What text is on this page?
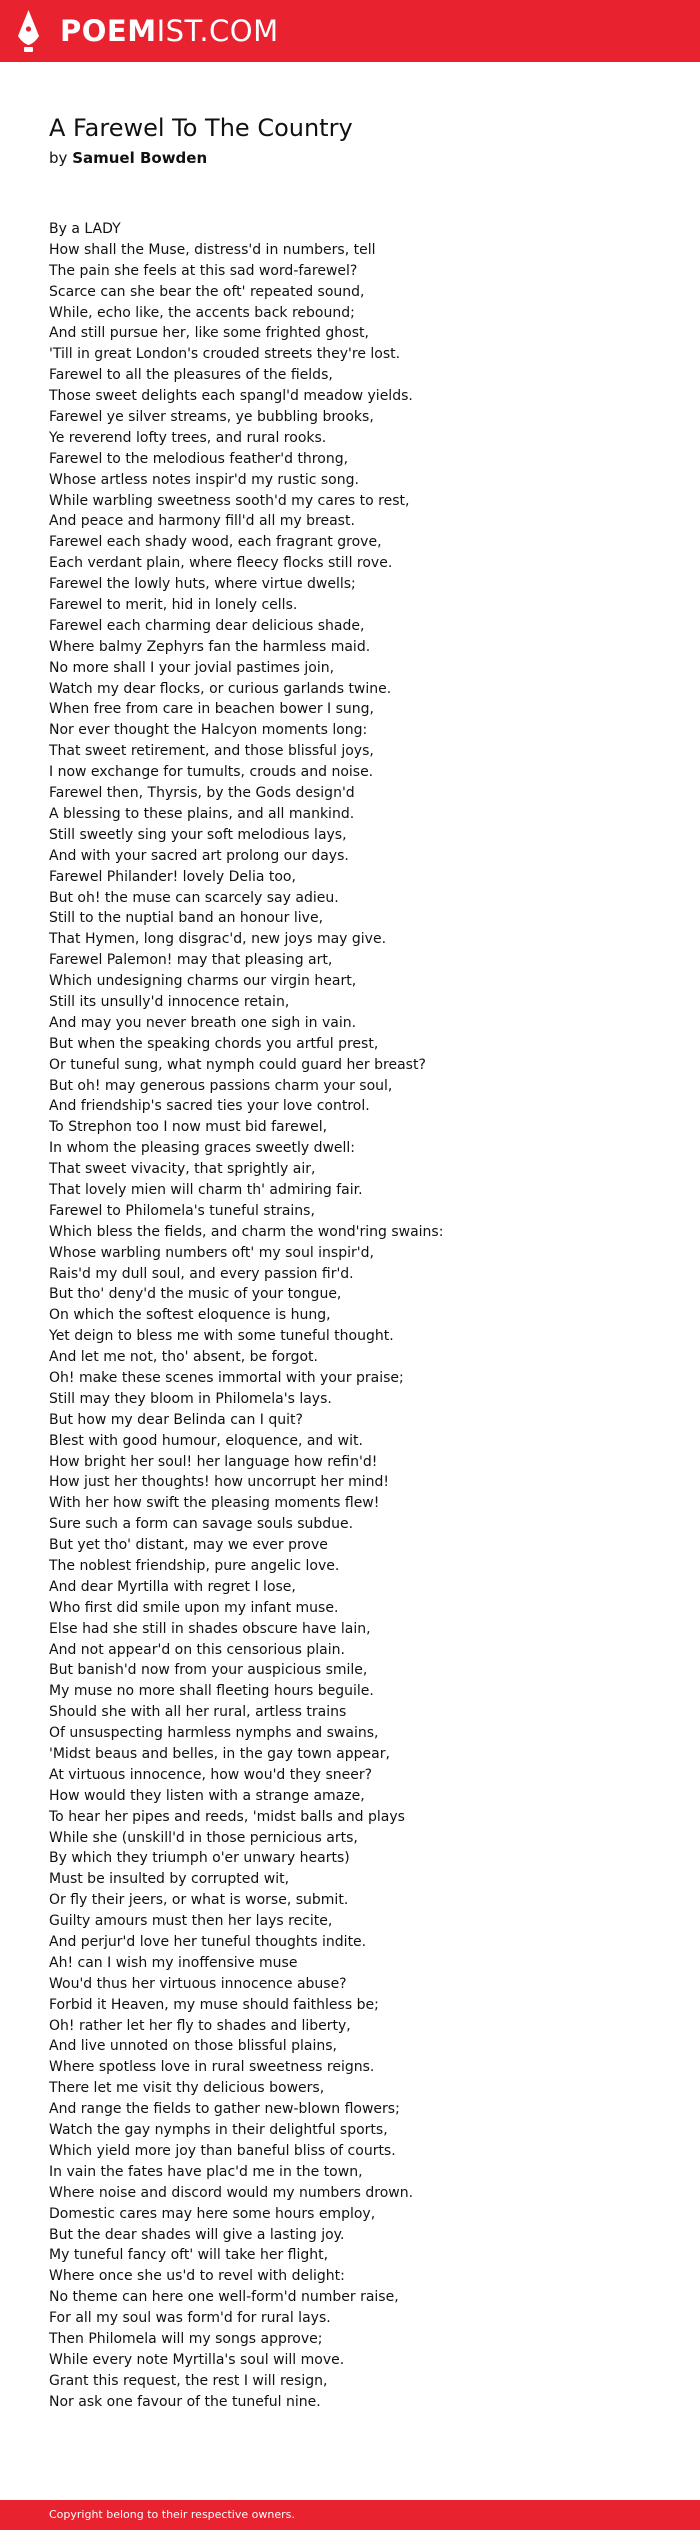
POEMIST.COM
A Farewel To The Country
by Samuel Bowden
By a LADY
How shall the Muse, distress'd in numbers, tell
The pain she feels at this sad word-farewel?
Scarce can she bear the oft' repeated sound,
While, echo like, the accents back rebound;
And still pursue her, like some frighted ghost,
'Till in great London's crouded streets they're lost.
Farewel to all the pleasures of the fields,
Those sweet delights each spangl'd meadow yields.
Farewel ye silver streams, ye bubbling brooks,
Ye reverend lofty trees, and rural rooks.
Farewel to the melodious feather'd throng,
Whose artless notes inspir'd my rustic song.
While warbling sweetness sooth'd my cares to rest,
And peace and harmony fill'd all my breast.
Farewel each shady wood, each fragrant grove,
Each verdant plain, where fleecy flocks still rove.
Farewel the lowly huts, where virtue dwells;
Farewel to merit, hid in lonely cells.
Farewel each charming dear delicious shade,
Where balmy Zephyrs fan the harmless maid.
No more shall I your jovial pastimes join,
Watch my dear flocks, or curious garlands twine.
When free from care in beachen bower I sung,
Nor ever thought the Halcyon moments long:
That sweet retirement, and those blissful joys,
I now exchange for tumults, crouds and noise.
Farewel then, Thyrsis, by the Gods design'd
A blessing to these plains, and all mankind.
Still sweetly sing your soft melodious lays,
And with your sacred art prolong our days.
Farewel Philander! lovely Delia too,
But oh! the muse can scarcely say adieu.
Still to the nuptial band an honour live,
That Hymen, long disgrac'd, new joys may give.
Farewel Palemon! may that pleasing art,
Which undesigning charms our virgin heart,
Still its unsully'd innocence retain,
And may you never breath one sigh in vain.
But when the speaking chords you artful prest,
Or tuneful sung, what nymph could guard her breast?
But oh! may generous passions charm your soul,
And friendship's sacred ties your love control.
To Strephon too I now must bid farewel,
In whom the pleasing graces sweetly dwell:
That sweet vivacity, that sprightly air,
That lovely mien will charm th' admiring fair.
Farewel to Philomela's tuneful strains,
Which bless the fields, and charm the wond'ring swains:
Whose warbling numbers oft' my soul inspir'd,
Rais'd my dull soul, and every passion fir'd.
But tho' deny'd the music of your tongue,
On which the softest eloquence is hung,
Yet deign to bless me with some tuneful thought.
And let me not, tho' absent, be forgot.
Oh! make these scenes immortal with your praise;
Still may they bloom in Philomela's lays.
But how my dear Belinda can I quit?
Blest with good humour, eloquence, and wit.
How bright her soul! her language how refin'd!
How just her thoughts! how uncorrupt her mind!
With her how swift the pleasing moments flew!
Sure such a form can savage souls subdue.
But yet tho' distant, may we ever prove
The noblest friendship, pure angelic love.
And dear Myrtilla with regret I lose,
Who first did smile upon my infant muse.
Else had she still in shades obscure have lain,
And not appear'd on this censorious plain.
But banish'd now from your auspicious smile,
My muse no more shall fleeting hours beguile.
Should she with all her rural, artless trains
Of unsuspecting harmless nymphs and swains,
'Midst beaus and belles, in the gay town appear,
At virtuous innocence, how wou'd they sneer?
How would they listen with a strange amaze,
To hear her pipes and reeds, 'midst balls and plays
While she (unskill'd in those pernicious arts,
By which they triumph o'er unwary hearts)
Must be insulted by corrupted wit,
Or fly their jeers, or what is worse, submit.
Guilty amours must then her lays recite,
And perjur'd love her tuneful thoughts indite.
Ah! can I wish my inoffensive muse
Wou'd thus her virtuous innocence abuse?
Forbid it Heaven, my muse should faithless be;
Oh! rather let her fly to shades and liberty,
And live unnoted on those blissful plains,
Where spotless love in rural sweetness reigns.
There let me visit thy delicious bowers,
And range the fields to gather new-blown flowers;
Watch the gay nymphs in their delightful sports,
Which yield more joy than baneful bliss of courts.
In vain the fates have plac'd me in the town,
Where noise and discord would my numbers drown.
Domestic cares may here some hours employ,
But the dear shades will give a lasting joy.
My tuneful fancy oft' will take her flight,
Where once she us'd to revel with delight:
No theme can here one well-form'd number raise,
For all my soul was form'd for rural lays.
Then Philomela will my songs approve;
While every note Myrtilla's soul will move.
Grant this request, the rest I will resign,
Nor ask one favour of the tuneful nine.
Copyright belong to their respective owners.
